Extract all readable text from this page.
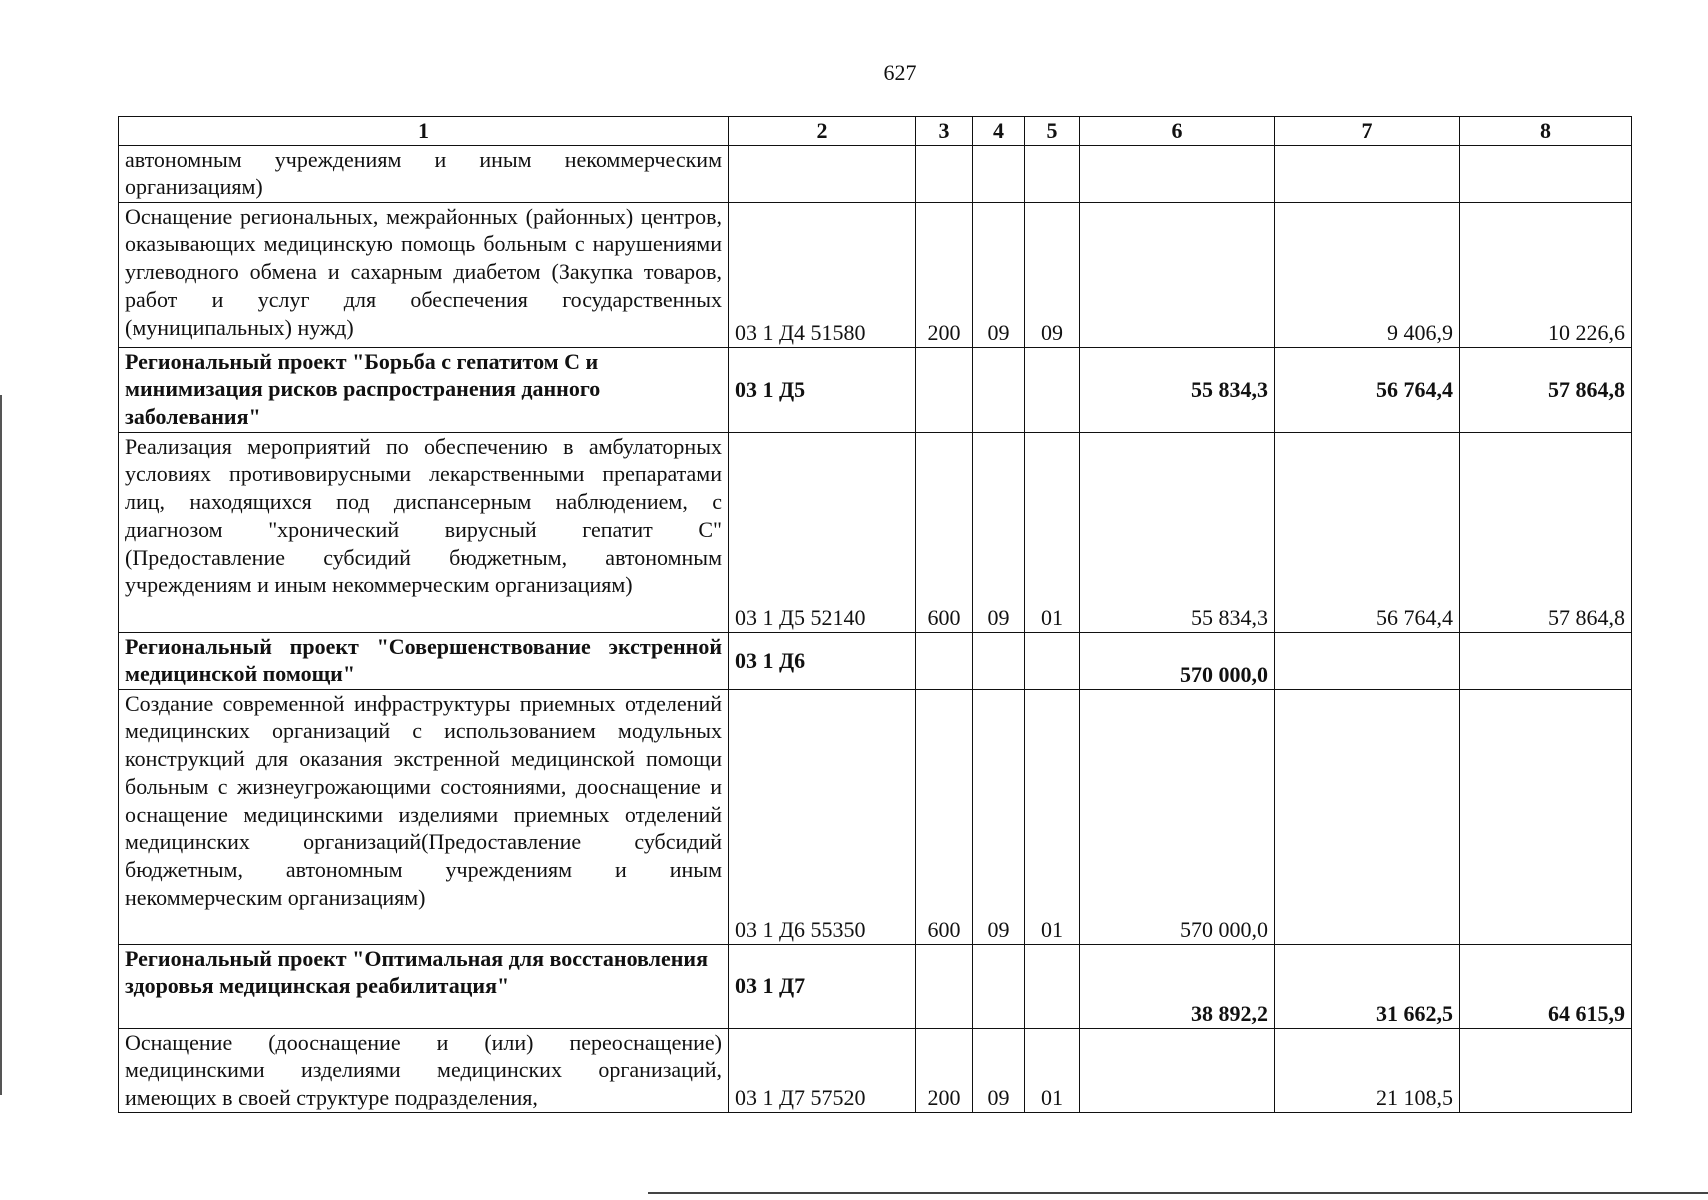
627
1	2	3	4	5	6	7	8
автономным учреждениям и иным некоммерческим организациям)							
Оснащение региональных, межрайонных (районных) центров, оказывающих медицинскую помощь больным с нарушениями углеводного обмена и сахарным диабетом (Закупка товаров, работ и услуг для обеспечения государственных (муниципальных) нужд)	03 1 Д4 51580	200	09	09		9 406,9	10 226,6
Региональный проект "Борьба с гепатитом С и минимизация рисков распространения данного заболевания"	03 1 Д5				55 834,3	56 764,4	57 864,8
Реализация мероприятий по обеспечению в амбулаторных условиях противовирусными лекарственными препаратами лиц, находящихся под диспансерным наблюдением, с диагнозом "хронический вирусный гепатит С" (Предоставление субсидий бюджетным, автономным учреждениям и иным некоммерческим организациям)	03 1 Д5 52140	600	09	01	55 834,3	56 764,4	57 864,8
Региональный проект "Совершенствование экстренной медицинской помощи"	03 1 Д6				570 000,0		
Создание современной инфраструктуры приемных отделений медицинских организаций с использованием модульных конструкций для оказания экстренной медицинской помощи больным с жизнеугрожающими состояниями, дооснащение и оснащение медицинскими изделиями приемных отделений медицинских организаций(Предоставление субсидий бюджетным, автономным учреждениям и иным некоммерческим организациям)	03 1 Д6 55350	600	09	01	570 000,0		
Региональный проект "Оптимальная для восстановления здоровья медицинская реабилитация"	03 1 Д7				38 892,2	31 662,5	64 615,9
Оснащение (дооснащение и (или) переоснащение) медицинскими изделиями медицинских организаций, имеющих в своей структуре подразделения,	03 1 Д7 57520	200	09	01		21 108,5	
